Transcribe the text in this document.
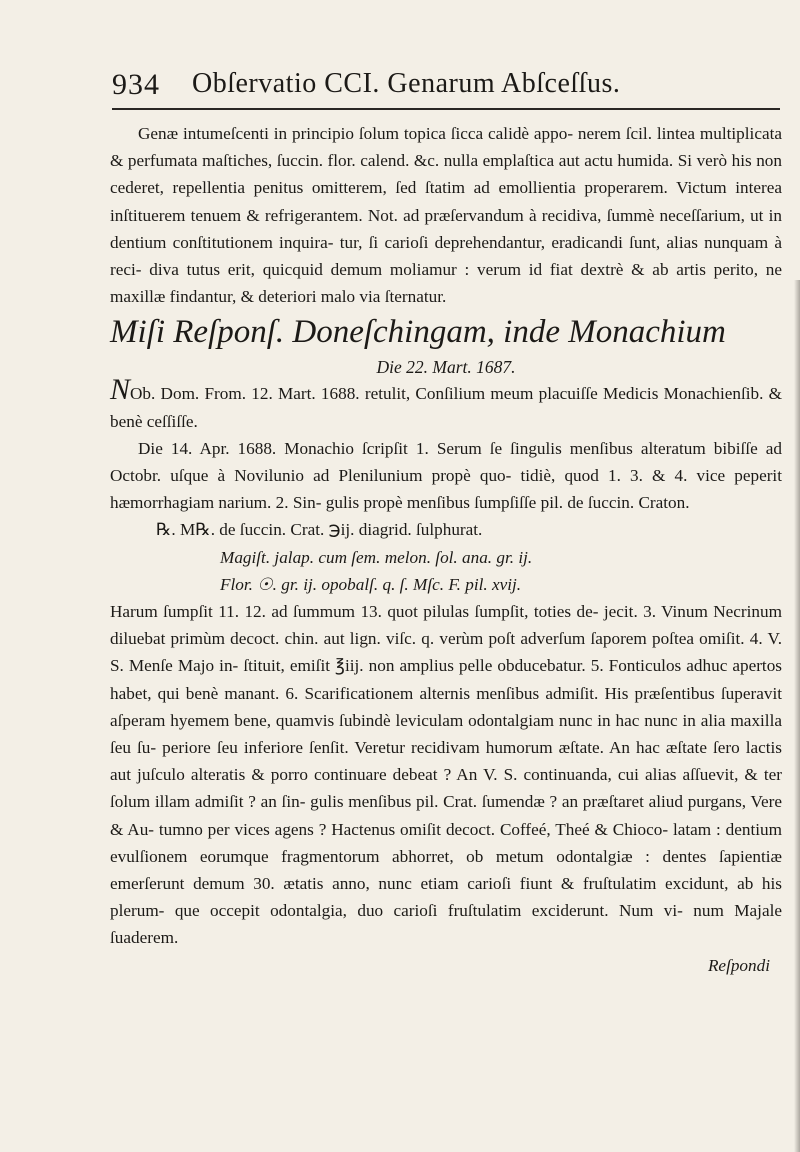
934 Obſervatio CCI. Genarum Abſceſſus.

Genæ intumeſcenti in principio ſolum topica ſicca calidè appo- nerem ſcil. lintea multiplicata & perfumata maſtiches, ſuccin. flor. calend. &c. nulla emplaſtica aut actu humida. Si verò his non cederet, repellentia penitus omitterem, ſed ſtatim ad emollientia properarem. Victum interea inſtituerem tenuem & refrigerantem. Not. ad præſervandum à recidiva, ſummè neceſſarium, ut in dentium conſtitutionem inquira- tur, ſi carioſi deprehendantur, eradicandi ſunt, alias nunquam à reci- diva tutus erit, quicquid demum moliamur : verum id fiat dextrè & ab artis perito, ne maxillæ findantur, & deteriori malo via ſternatur.

Miſi Reſponſ. Doneſchingam, inde Monachium

Die 22. Mart. 1687.

NOb. Dom. From. 12. Mart. 1688. retulit, Conſilium meum placuiſſe Medicis Monachienſib. & benè ceſſiſſe.

Die 14. Apr. 1688. Monachio ſcripſit 1. Serum ſe ſingulis menſibus alteratum bibiſſe ad Octobr. uſque à Novilunio ad Plenilunium propè quo- tidiè, quod 1. 3. & 4. vice peperit hæmorrhagiam narium. 2. Sin- gulis propè menſibus ſumpſiſſe pil. de ſuccin. Craton.

℞. M℞. de ſuccin. Crat. ℈ij. diagrid. ſulphurat.

Magiſt. jalap. cum ſem. melon. ſol. ana. gr. ij.

Flor. ☉. gr. ij. opobalſ. q. ſ. Mſc. F. pil. xvij.

Harum ſumpſit 11. 12. ad ſummum 13. quot pilulas ſumpſit, toties de- jecit. 3. Vinum Necrinum diluebat primùm decoct. chin. aut lign. viſc. q. verùm poſt adverſum ſaporem poſtea omiſit. 4. V. S. Menſe Majo in- ſtituit, emiſit ℥iij. non amplius pelle obducebatur. 5. Fonticulos adhuc apertos habet, qui benè manant. 6. Scarificationem alternis menſibus admiſit. His præſentibus ſuperavit aſperam hyemem bene, quamvis ſubindè leviculam odontalgiam nunc in hac nunc in alia maxilla ſeu ſu- periore ſeu inferiore ſenſit. Veretur recidivam humorum æſtate. An hac æſtate ſero lactis aut juſculo alteratis & porro continuare debeat ? An V. S. continuanda, cui alias aſſuevit, & ter ſolum illam admiſit ? an ſin- gulis menſibus pil. Crat. ſumendæ ? an præſtaret aliud purgans, Vere & Au- tumno per vices agens ? Hactenus omiſit decoct. Coffeé, Theé & Chioco- latam : dentium evulſionem eorumque fragmentorum abhorret, ob metum odontalgiæ : dentes ſapientiæ emerſerunt demum 30. ætatis anno, nunc etiam carioſi fiunt & fruſtulatim excidunt, ab his plerum- que occepit odontalgia, duo carioſi fruſtulatim exciderunt. Num vi- num Majale ſuaderem.

Reſpondi
